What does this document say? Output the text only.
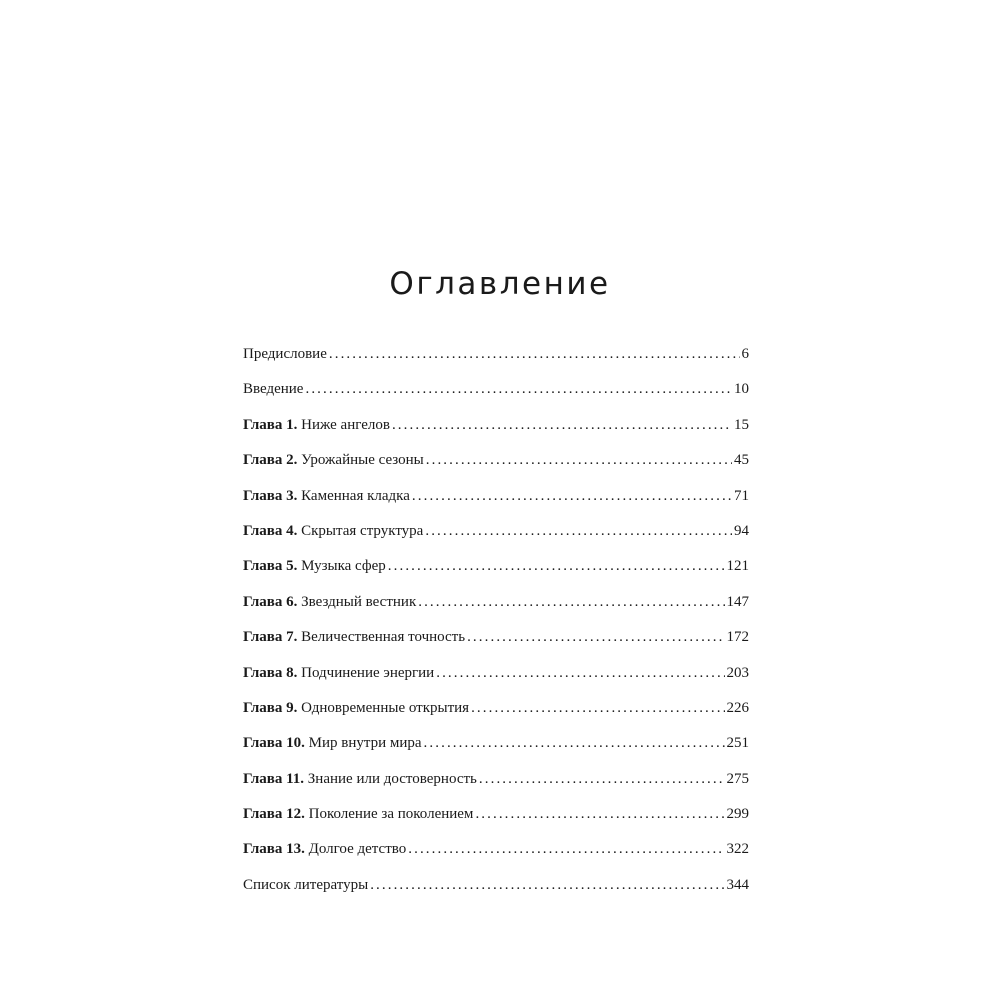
Оглавление
Предисловие .....	6
Введение .....	10
Глава 1. Ниже ангелов .....	15
Глава 2. Урожайные сезоны .....	45
Глава 3. Каменная кладка .....	71
Глава 4. Скрытая структура .....	94
Глава 5. Музыка сфер .....	121
Глава 6. Звездный вестник .....	147
Глава 7. Величественная точность .....	172
Глава 8. Подчинение энергии .....	203
Глава 9. Одновременные открытия .....	226
Глава 10. Мир внутри мира .....	251
Глава 11. Знание или достоверность .....	275
Глава 12. Поколение за поколением .....	299
Глава 13. Долгое детство .....	322
Список литературы .....	344
